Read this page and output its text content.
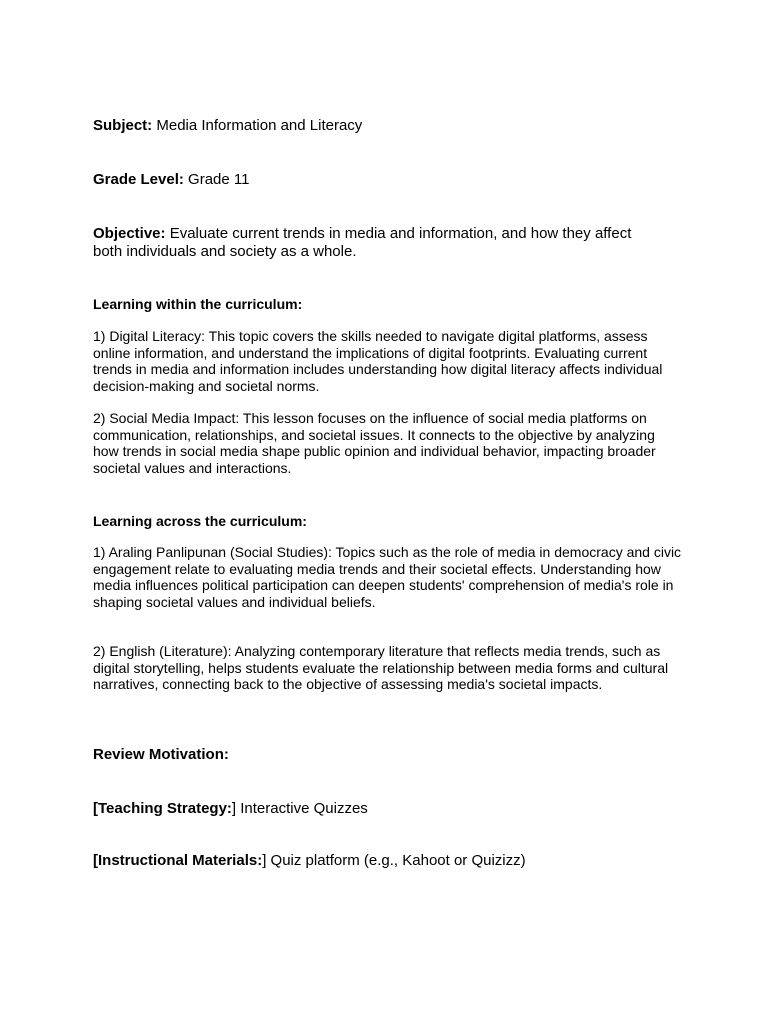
Subject: Media Information and Literacy
Grade Level: Grade 11
Objective: Evaluate current trends in media and information, and how they affect both individuals and society as a whole.
Learning within the curriculum:
1) Digital Literacy: This topic covers the skills needed to navigate digital platforms, assess online information, and understand the implications of digital footprints. Evaluating current trends in media and information includes understanding how digital literacy affects individual decision-making and societal norms.
2) Social Media Impact: This lesson focuses on the influence of social media platforms on communication, relationships, and societal issues. It connects to the objective by analyzing how trends in social media shape public opinion and individual behavior, impacting broader societal values and interactions.
Learning across the curriculum:
1) Araling Panlipunan (Social Studies): Topics such as the role of media in democracy and civic engagement relate to evaluating media trends and their societal effects. Understanding how media influences political participation can deepen students' comprehension of media's role in shaping societal values and individual beliefs.
2) English (Literature): Analyzing contemporary literature that reflects media trends, such as digital storytelling, helps students evaluate the relationship between media forms and cultural narratives, connecting back to the objective of assessing media's societal impacts.
Review Motivation:
[Teaching Strategy:] Interactive Quizzes
[Instructional Materials:] Quiz platform (e.g., Kahoot or Quizizz)
